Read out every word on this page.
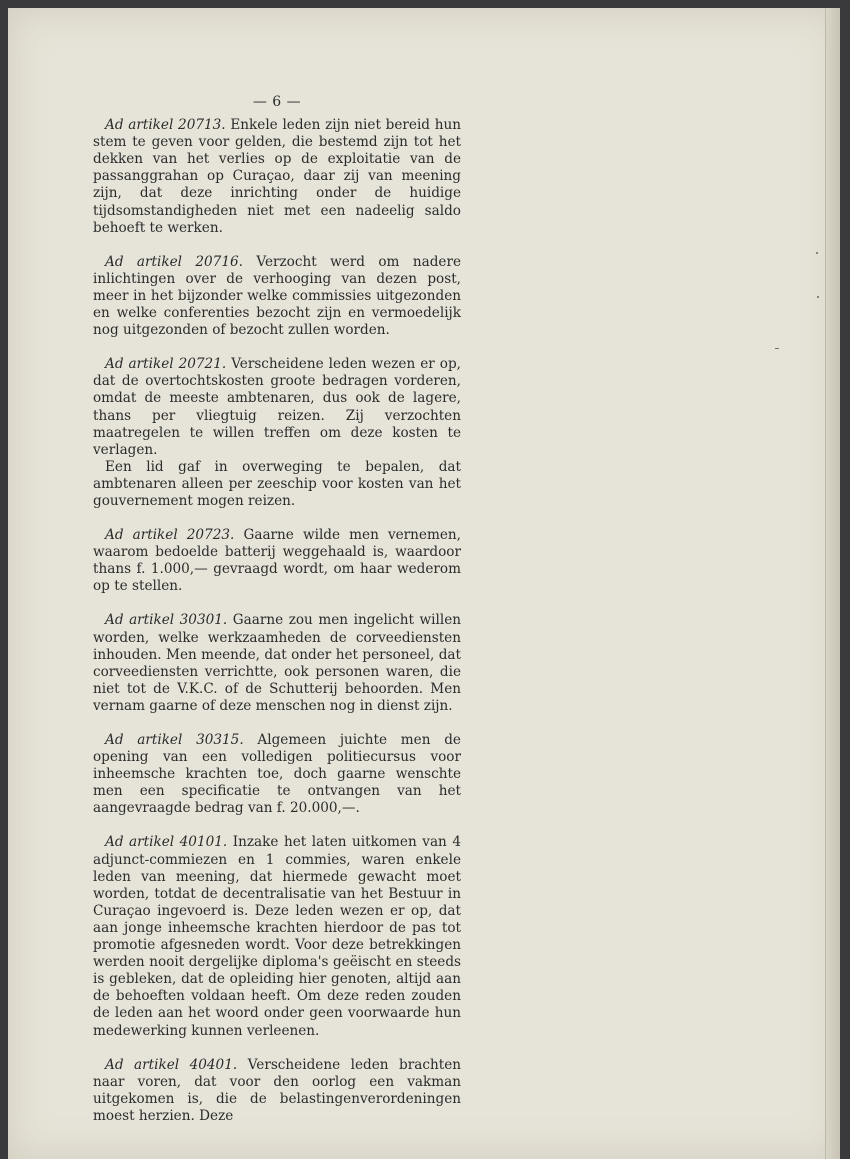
— 6 —

Ad artikel 20713. Enkele leden zijn niet bereid hun stem te geven voor gelden, die bestemd zijn tot het dekken van het verlies op de exploitatie van de passanggrahan op Curaçao, daar zij van meening zijn, dat deze inrichting onder de huidige tijdsomstandigheden niet met een nadeelig saldo behoeft te werken.

Ad artikel 20716. Verzocht werd om nadere inlichtingen over de verhooging van dezen post, meer in het bijzonder welke commissies uitgezonden en welke conferenties bezocht zijn en vermoedelijk nog uitgezonden of bezocht zullen worden.

Ad artikel 20721. Verscheidene leden wezen er op, dat de overtochtskosten groote bedragen vorderen, omdat de meeste ambtenaren, dus ook de lagere, thans per vliegtuig reizen. Zij verzochten maatregelen te willen treffen om deze kosten te verlagen.

Een lid gaf in overweging te bepalen, dat ambtenaren alleen per zeeschip voor kosten van het gouvernement mogen reizen.

Ad artikel 20723. Gaarne wilde men vernemen, waarom bedoelde batterij weggehaald is, waardoor thans f. 1.000,— gevraagd wordt, om haar wederom op te stellen.

Ad artikel 30301. Gaarne zou men ingelicht willen worden, welke werkzaamheden de corveediensten inhouden. Men meende, dat onder het personeel, dat corveediensten verrichtte, ook personen waren, die niet tot de V.K.C. of de Schutterij behoorden. Men vernam gaarne of deze menschen nog in dienst zijn.

Ad artikel 30315. Algemeen juichte men de opening van een volledigen politiecursus voor inheemsche krachten toe, doch gaarne wenschte men een specificatie te ontvangen van het aangevraagde bedrag van f. 20.000,—.

Ad artikel 40101. Inzake het laten uitkomen van 4 adjunct-commiezen en 1 commies, waren enkele leden van meening, dat hiermede gewacht moet worden, totdat de decentralisatie van het Bestuur in Curaçao ingevoerd is. Deze leden wezen er op, dat aan jonge inheemsche krachten hierdoor de pas tot promotie afgesneden wordt. Voor deze betrekkingen werden nooit dergelijke diploma's geëischt en steeds is gebleken, dat de opleiding hier genoten, altijd aan de behoeften voldaan heeft. Om deze reden zouden de leden aan het woord onder geen voorwaarde hun medewerking kunnen verleenen.

Ad artikel 40401. Verscheidene leden brachten naar voren, dat voor den oorlog een vakman uitgekomen is, die de belastingenverordeningen moest herzien. Deze
